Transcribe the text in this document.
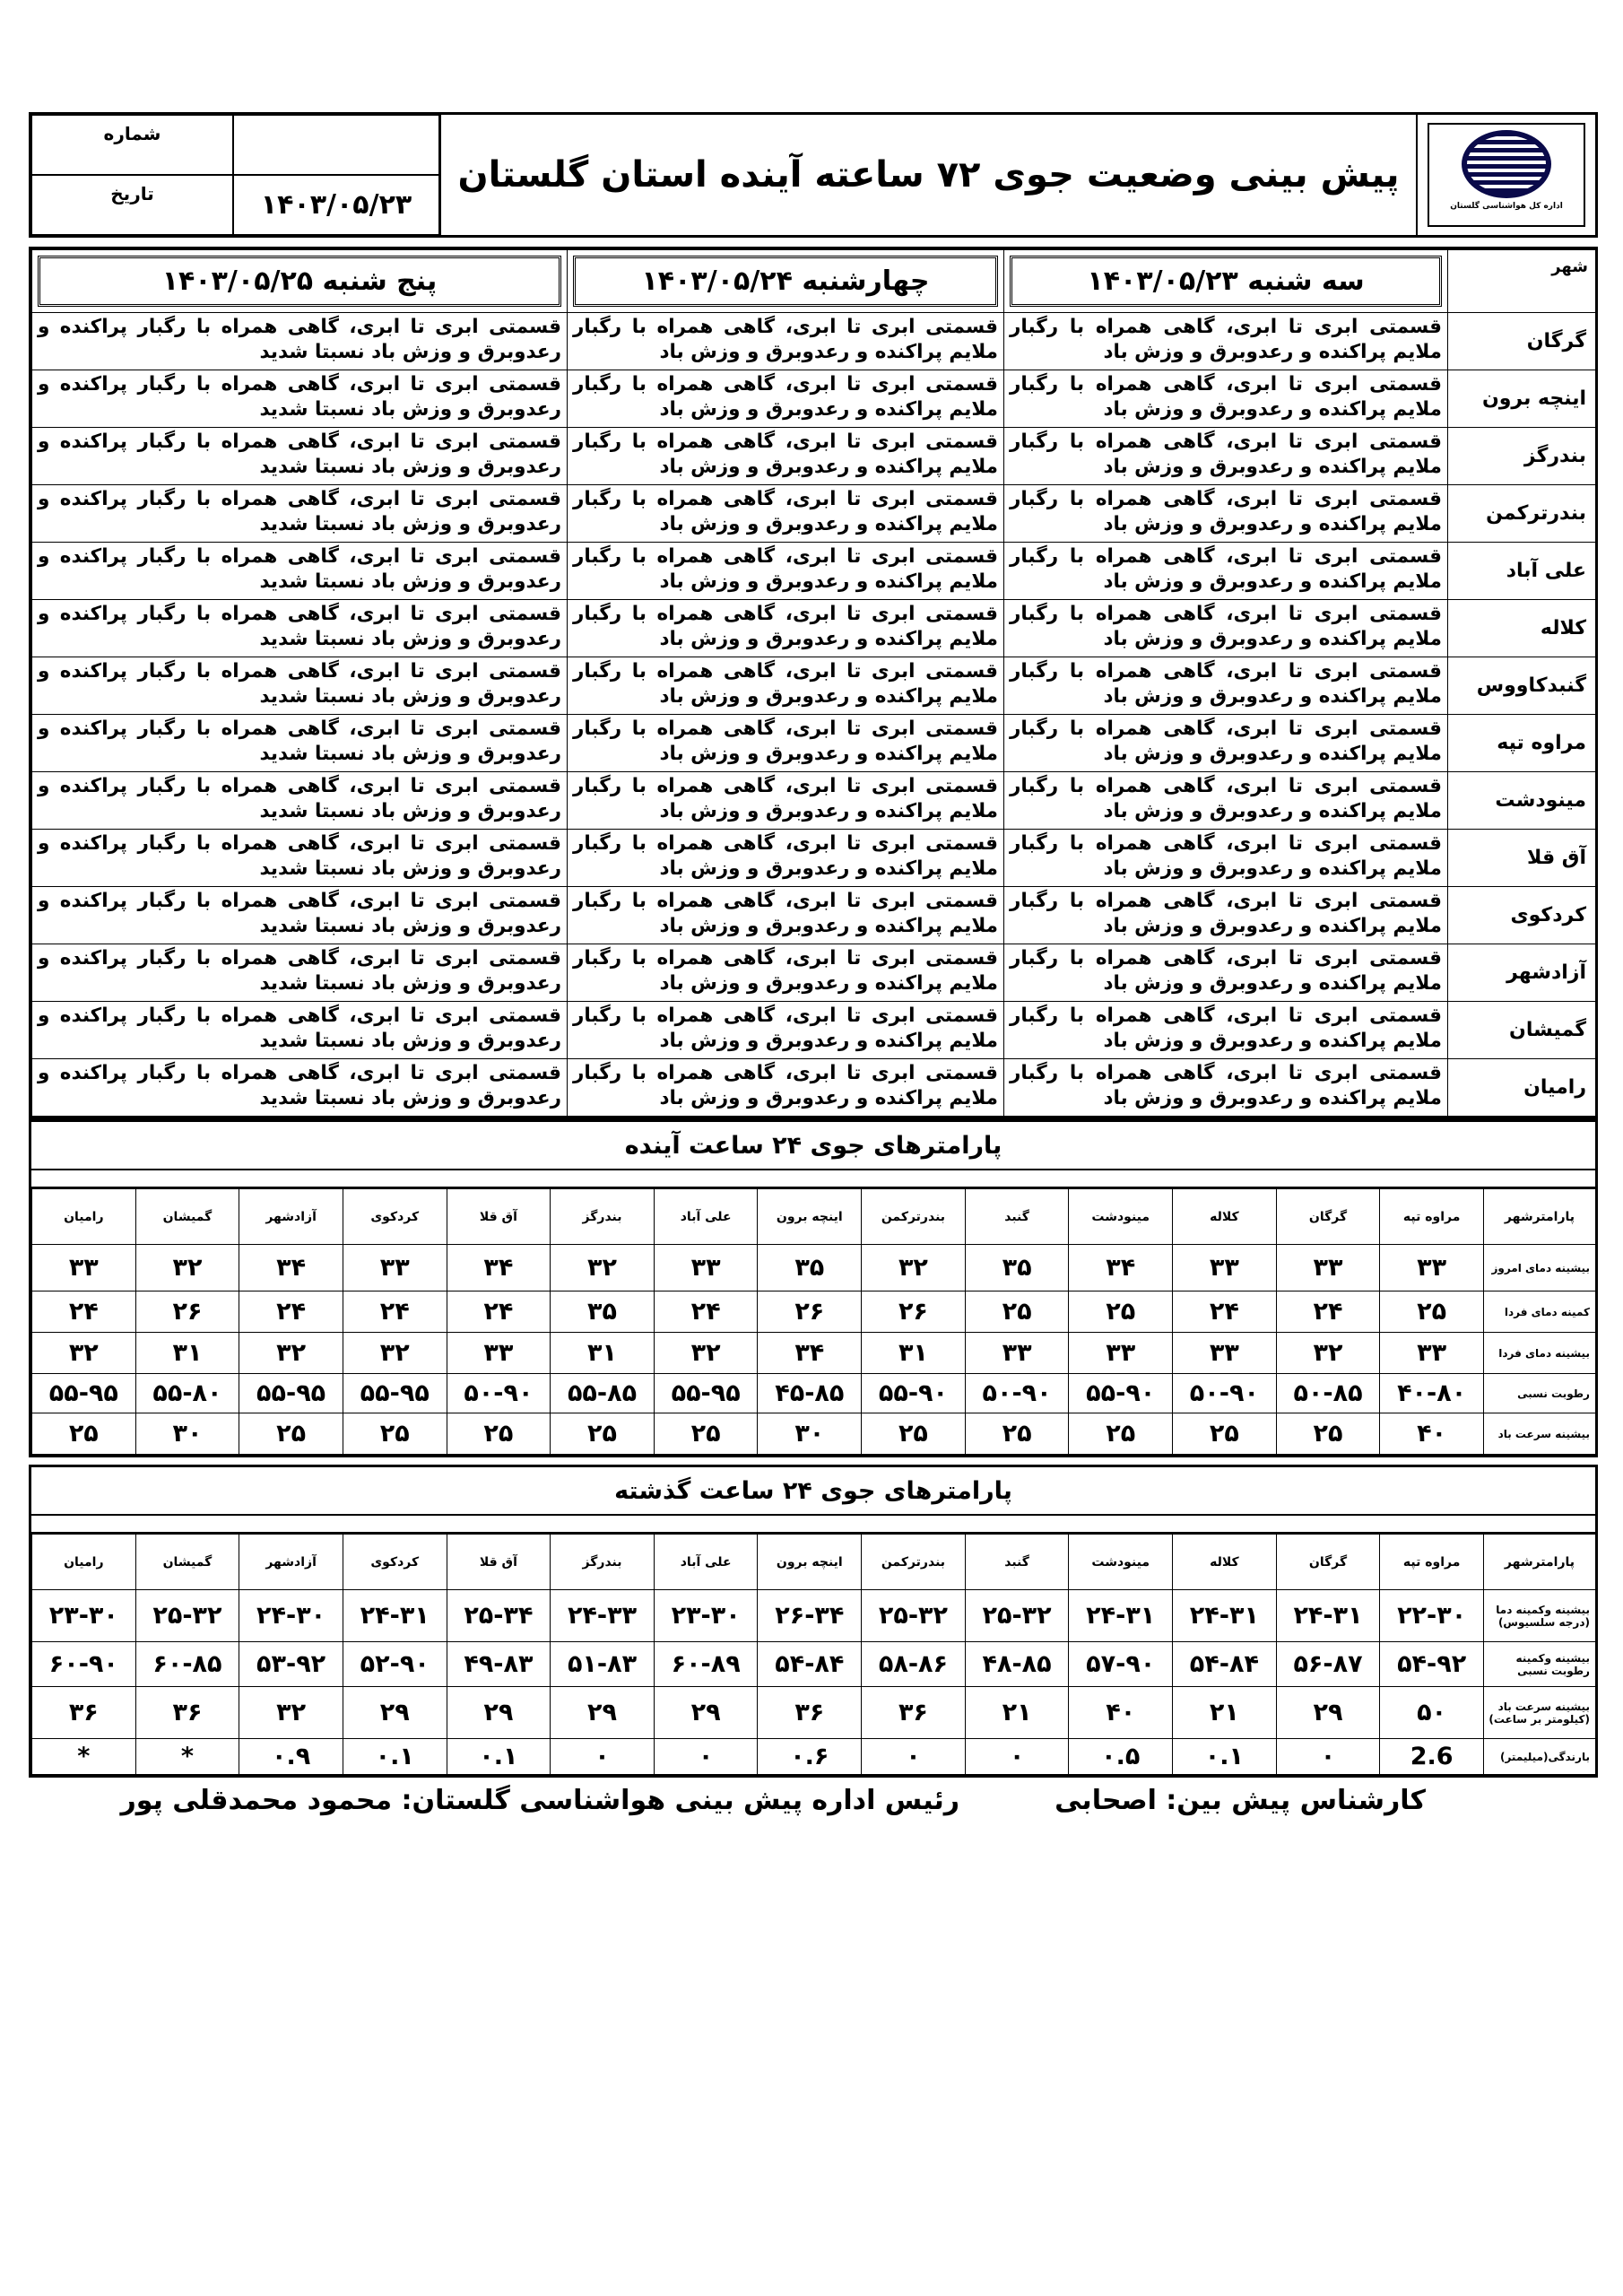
اداره کل هواشناسی گلستان
پیش بینی وضعیت جوی ۷۲ ساعته آینده استان گلستان
شماره
تاریخ	۱۴۰۳/۰۵/۲۳
شهر	سه شنبه ۱۴۰۳/۰۵/۲۳	چهارشنبه ۱۴۰۳/۰۵/۲۴	پنج شنبه ۱۴۰۳/۰۵/۲۵

گرگان	قسمتی ابری تا ابری، گاهی همراه با رگبار ملایم پراکنده و رعدوبرق و وزش باد	قسمتی ابری تا ابری، گاهی همراه با رگبار ملایم پراکنده و رعدوبرق و وزش باد	قسمتی ابری تا ابری، گاهی همراه با رگبار پراکنده و رعدوبرق و وزش باد نسبتا شدید
اینچه برون	قسمتی ابری تا ابری، گاهی همراه با رگبار ملایم پراکنده و رعدوبرق و وزش باد	قسمتی ابری تا ابری، گاهی همراه با رگبار ملایم پراکنده و رعدوبرق و وزش باد	قسمتی ابری تا ابری، گاهی همراه با رگبار پراکنده و رعدوبرق و وزش باد نسبتا شدید
بندرگز	قسمتی ابری تا ابری، گاهی همراه با رگبار ملایم پراکنده و رعدوبرق و وزش باد	قسمتی ابری تا ابری، گاهی همراه با رگبار ملایم پراکنده و رعدوبرق و وزش باد	قسمتی ابری تا ابری، گاهی همراه با رگبار پراکنده و رعدوبرق و وزش باد نسبتا شدید
بندرترکمن	قسمتی ابری تا ابری، گاهی همراه با رگبار ملایم پراکنده و رعدوبرق و وزش باد	قسمتی ابری تا ابری، گاهی همراه با رگبار ملایم پراکنده و رعدوبرق و وزش باد	قسمتی ابری تا ابری، گاهی همراه با رگبار پراکنده و رعدوبرق و وزش باد نسبتا شدید
علی آباد	قسمتی ابری تا ابری، گاهی همراه با رگبار ملایم پراکنده و رعدوبرق و وزش باد	قسمتی ابری تا ابری، گاهی همراه با رگبار ملایم پراکنده و رعدوبرق و وزش باد	قسمتی ابری تا ابری، گاهی همراه با رگبار پراکنده و رعدوبرق و وزش باد نسبتا شدید
کلاله	قسمتی ابری تا ابری، گاهی همراه با رگبار ملایم پراکنده و رعدوبرق و وزش باد	قسمتی ابری تا ابری، گاهی همراه با رگبار ملایم پراکنده و رعدوبرق و وزش باد	قسمتی ابری تا ابری، گاهی همراه با رگبار پراکنده و رعدوبرق و وزش باد نسبتا شدید
گنبدکاووس	قسمتی ابری تا ابری، گاهی همراه با رگبار ملایم پراکنده و رعدوبرق و وزش باد	قسمتی ابری تا ابری، گاهی همراه با رگبار ملایم پراکنده و رعدوبرق و وزش باد	قسمتی ابری تا ابری، گاهی همراه با رگبار پراکنده و رعدوبرق و وزش باد نسبتا شدید
مراوه تپه	قسمتی ابری تا ابری، گاهی همراه با رگبار ملایم پراکنده و رعدوبرق و وزش باد	قسمتی ابری تا ابری، گاهی همراه با رگبار ملایم پراکنده و رعدوبرق و وزش باد	قسمتی ابری تا ابری، گاهی همراه با رگبار پراکنده و رعدوبرق و وزش باد نسبتا شدید
مینودشت	قسمتی ابری تا ابری، گاهی همراه با رگبار ملایم پراکنده و رعدوبرق و وزش باد	قسمتی ابری تا ابری، گاهی همراه با رگبار ملایم پراکنده و رعدوبرق و وزش باد	قسمتی ابری تا ابری، گاهی همراه با رگبار پراکنده و رعدوبرق و وزش باد نسبتا شدید
آق قلا	قسمتی ابری تا ابری، گاهی همراه با رگبار ملایم پراکنده و رعدوبرق و وزش باد	قسمتی ابری تا ابری، گاهی همراه با رگبار ملایم پراکنده و رعدوبرق و وزش باد	قسمتی ابری تا ابری، گاهی همراه با رگبار پراکنده و رعدوبرق و وزش باد نسبتا شدید
کردکوی	قسمتی ابری تا ابری، گاهی همراه با رگبار ملایم پراکنده و رعدوبرق و وزش باد	قسمتی ابری تا ابری، گاهی همراه با رگبار ملایم پراکنده و رعدوبرق و وزش باد	قسمتی ابری تا ابری، گاهی همراه با رگبار پراکنده و رعدوبرق و وزش باد نسبتا شدید
آزادشهر	قسمتی ابری تا ابری، گاهی همراه با رگبار ملایم پراکنده و رعدوبرق و وزش باد	قسمتی ابری تا ابری، گاهی همراه با رگبار ملایم پراکنده و رعدوبرق و وزش باد	قسمتی ابری تا ابری، گاهی همراه با رگبار پراکنده و رعدوبرق و وزش باد نسبتا شدید
گمیشان	قسمتی ابری تا ابری، گاهی همراه با رگبار ملایم پراکنده و رعدوبرق و وزش باد	قسمتی ابری تا ابری، گاهی همراه با رگبار ملایم پراکنده و رعدوبرق و وزش باد	قسمتی ابری تا ابری، گاهی همراه با رگبار پراکنده و رعدوبرق و وزش باد نسبتا شدید
رامیان	قسمتی ابری تا ابری، گاهی همراه با رگبار ملایم پراکنده و رعدوبرق و وزش باد	قسمتی ابری تا ابری، گاهی همراه با رگبار ملایم پراکنده و رعدوبرق و وزش باد	قسمتی ابری تا ابری، گاهی همراه با رگبار پراکنده و رعدوبرق و وزش باد نسبتا شدید
پارامترهای جوی ۲۴ ساعت آینده
پارامترشهر	مراوه تپه	گرگان	کلاله	مینودشت	گنبد	بندرترکمن	اینچه برون	علی آباد	بندرگز	آق قلا	کردکوی	آزادشهر	گمیشان	رامیان
بیشینه دمای امروز	۳۳	۳۳	۳۳	۳۴	۳۵	۳۲	۳۵	۳۳	۳۲	۳۴	۳۳	۳۴	۳۲	۳۳
کمینه دمای فردا	۲۵	۲۴	۲۴	۲۵	۲۵	۲۶	۲۶	۲۴	۳۵	۲۴	۲۴	۲۴	۲۶	۲۴
بیشینه دمای فردا	۳۳	۳۲	۳۳	۳۳	۳۳	۳۱	۳۴	۳۲	۳۱	۳۳	۳۲	۳۲	۳۱	۳۲
رطوبت نسبی	۴۰-۸۰	۵۰-۸۵	۵۰-۹۰	۵۵-۹۰	۵۰-۹۰	۵۵-۹۰	۴۵-۸۵	۵۵-۹۵	۵۵-۸۵	۵۰-۹۰	۵۵-۹۵	۵۵-۹۵	۵۵-۸۰	۵۵-۹۵
بیشینه سرعت باد	۴۰	۲۵	۲۵	۲۵	۲۵	۲۵	۳۰	۲۵	۲۵	۲۵	۲۵	۲۵	۳۰	۲۵
پارامترهای جوی ۲۴ ساعت گذشته
پارامترشهر	مراوه تپه	گرگان	کلاله	مینودشت	گنبد	بندرترکمن	اینچه برون	علی آباد	بندرگز	آق قلا	کردکوی	آزادشهر	گمیشان	رامیان
بیشینه وکمینه دما (درجه سلسیوس)	۲۲-۳۰	۲۴-۳۱	۲۴-۳۱	۲۴-۳۱	۲۵-۳۲	۲۵-۳۲	۲۶-۳۴	۲۳-۳۰	۲۴-۳۳	۲۵-۳۴	۲۴-۳۱	۲۴-۳۰	۲۵-۳۲	۲۳-۳۰
بیشینه وکمینه رطوبت نسبی	۵۴-۹۲	۵۶-۸۷	۵۴-۸۴	۵۷-۹۰	۴۸-۸۵	۵۸-۸۶	۵۴-۸۴	۶۰-۸۹	۵۱-۸۳	۴۹-۸۳	۵۲-۹۰	۵۳-۹۲	۶۰-۸۵	۶۰-۹۰
بیشینه سرعت باد (کیلومتر بر ساعت)	۵۰	۲۹	۲۱	۴۰	۲۱	۳۶	۳۶	۲۹	۲۹	۲۹	۲۹	۳۲	۳۶	۳۶
بارندگی(میلیمتر)	2.6	۰	۰.۱	۰.۵	۰	۰	۰.۶	۰	۰	۰.۱	۰.۱	۰.۹	*	*
کارشناس پیش بین: اصحابی
رئیس اداره پیش بینی هواشناسی گلستان: محمود محمدقلی پور
